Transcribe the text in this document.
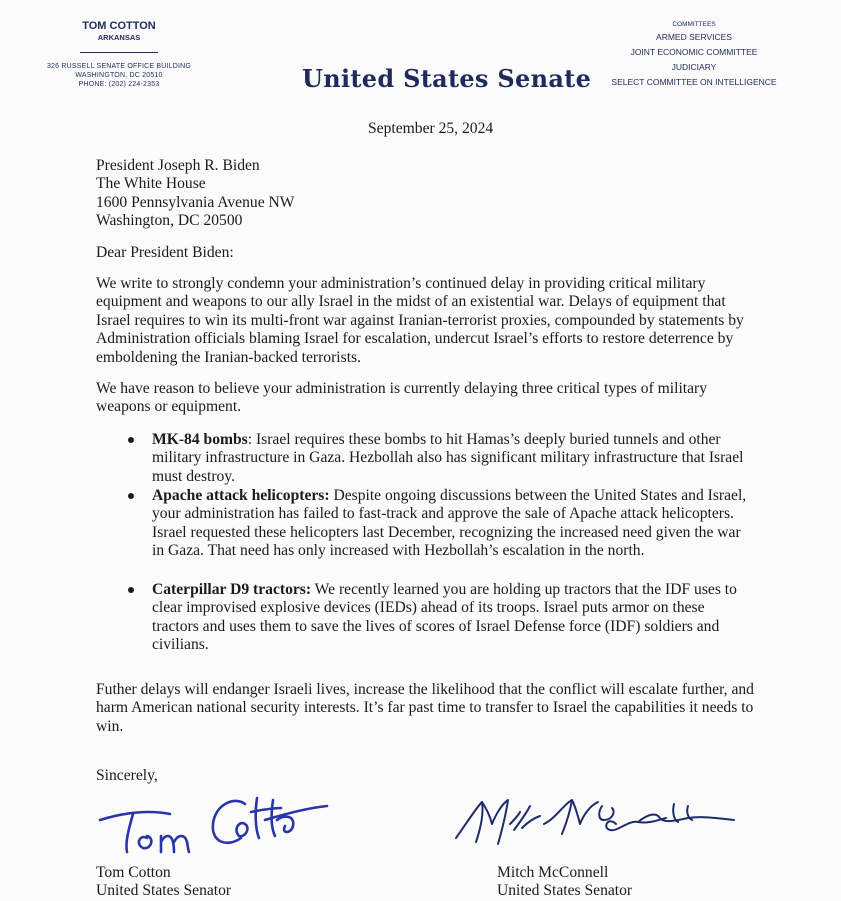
TOM COTTON
ARKANSAS
326 RUSSELL SENATE OFFICE BUILDING
WASHINGTON, DC 20510
PHONE: (202) 224-2353	United States Senate
COMMITTEES
ARMED SERVICES
JOINT ECONOMIC COMMITTEE
JUDICIARY
SELECT COMMITTEE ON INTELLIGENCE
September 25, 2024
President Joseph R. Biden
The White House
1600 Pennsylvania Avenue NW
Washington, DC 20500
Dear President Biden:

We write to strongly condemn your administration’s continued delay in providing critical military equipment and weapons to our ally Israel in the midst of an existential war. Delays of equipment that Israel requires to win its multi-front war against Iranian-terrorist proxies, compounded by statements by Administration officials blaming Israel for escalation, undercut Israel’s efforts to restore deterrence by emboldening the Iranian-backed terrorists.

We have reason to believe your administration is currently delaying three critical types of military weapons or equipment.

MK-84 bombs: Israel requires these bombs to hit Hamas’s deeply buried tunnels and other military infrastructure in Gaza. Hezbollah also has significant military infrastructure that Israel must destroy.
Apache attack helicopters: Despite ongoing discussions between the United States and Israel, your administration has failed to fast-track and approve the sale of Apache attack helicopters. Israel requested these helicopters last December, recognizing the increased need given the war in Gaza. That need has only increased with Hezbollah’s escalation in the north.
Caterpillar D9 tractors: We recently learned you are holding up tractors that the IDF uses to clear improvised explosive devices (IEDs) ahead of its troops. Israel puts armor on these tractors and uses them to save the lives of scores of Israel Defense force (IDF) soldiers and civilians.

Futher delays will endanger Israeli lives, increase the likelihood that the conflict will escalate further, and harm American national security interests. It’s far past time to transfer to Israel the capabilities it needs to win.

Sincerely,
Tom Cotton
United States Senator
Mitch McConnell
United States Senator
